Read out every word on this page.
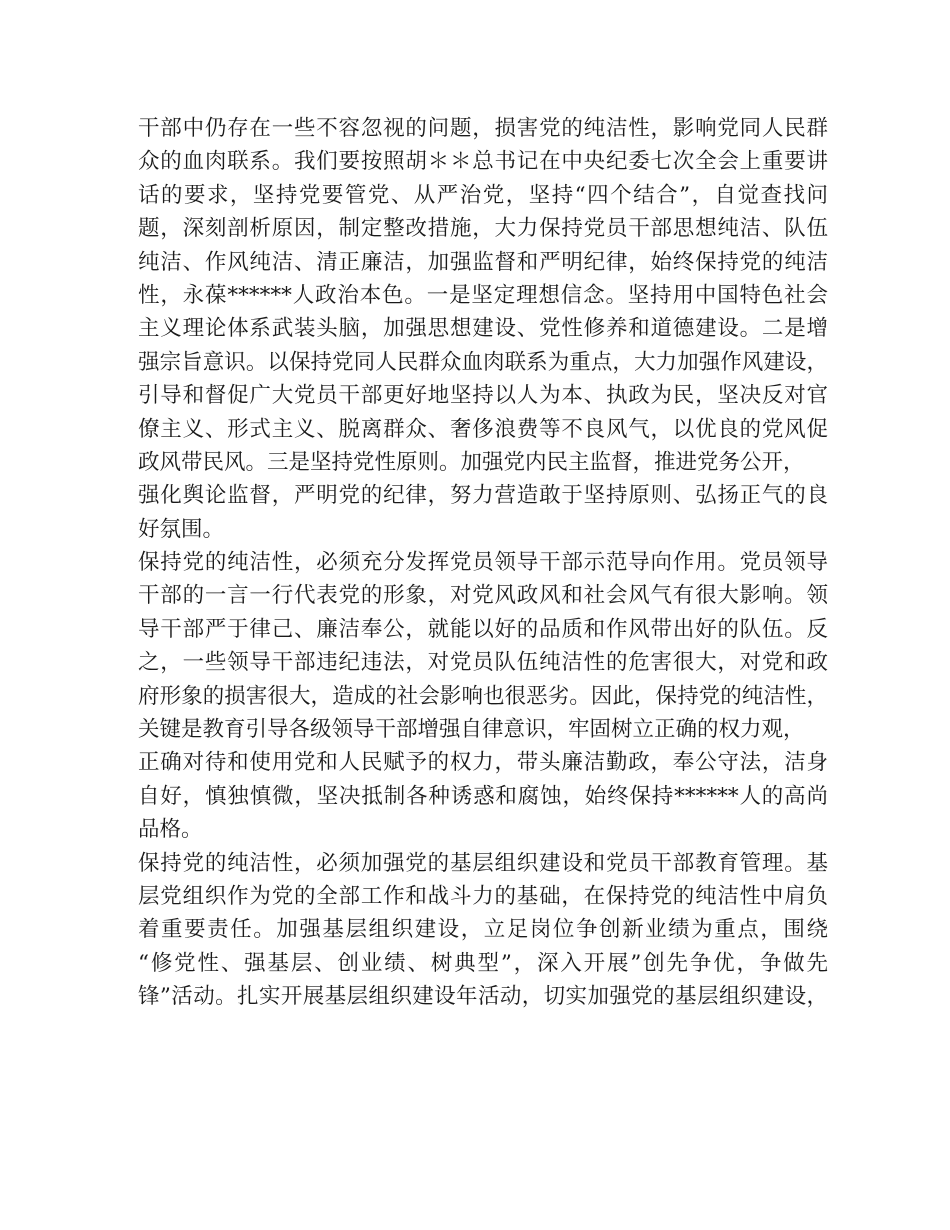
干部中仍存在一些不容忽视的问题，损害党的纯洁性，影响党同人民群
众的血肉联系。我们要按照胡＊＊总书记在中央纪委七次全会上重要讲
话的要求，坚持党要管党、从严治党，坚持“四个结合”，自觉查找问
题，深刻剖析原因，制定整改措施，大力保持党员干部思想纯洁、队伍
纯洁、作风纯洁、清正廉洁，加强监督和严明纪律，始终保持党的纯洁
性，永葆******人政治本色。一是坚定理想信念。坚持用中国特色社会
主义理论体系武装头脑，加强思想建设、党性修养和道德建设。二是增
强宗旨意识。以保持党同人民群众血肉联系为重点，大力加强作风建设，
引导和督促广大党员干部更好地坚持以人为本、执政为民，坚决反对官
僚主义、形式主义、脱离群众、奢侈浪费等不良风气，以优良的党风促
政风带民风。三是坚持党性原则。加强党内民主监督，推进党务公开，
强化舆论监督，严明党的纪律，努力营造敢于坚持原则、弘扬正气的良
好氛围。
保持党的纯洁性，必须充分发挥党员领导干部示范导向作用。党员领导
干部的一言一行代表党的形象，对党风政风和社会风气有很大影响。领
导干部严于律己、廉洁奉公，就能以好的品质和作风带出好的队伍。反
之，一些领导干部违纪违法，对党员队伍纯洁性的危害很大，对党和政
府形象的损害很大，造成的社会影响也很恶劣。因此，保持党的纯洁性，
关键是教育引导各级领导干部增强自律意识，牢固树立正确的权力观，
正确对待和使用党和人民赋予的权力，带头廉洁勤政，奉公守法，洁身
自好，慎独慎微，坚决抵制各种诱惑和腐蚀，始终保持******人的高尚
品格。
保持党的纯洁性，必须加强党的基层组织建设和党员干部教育管理。基
层党组织作为党的全部工作和战斗力的基础，在保持党的纯洁性中肩负
着重要责任。加强基层组织建设，立足岗位争创新业绩为重点，围绕
“修党性、强基层、创业绩、树典型”，深入开展”创先争优，争做先
锋”活动。扎实开展基层组织建设年活动，切实加强党的基层组织建设，
